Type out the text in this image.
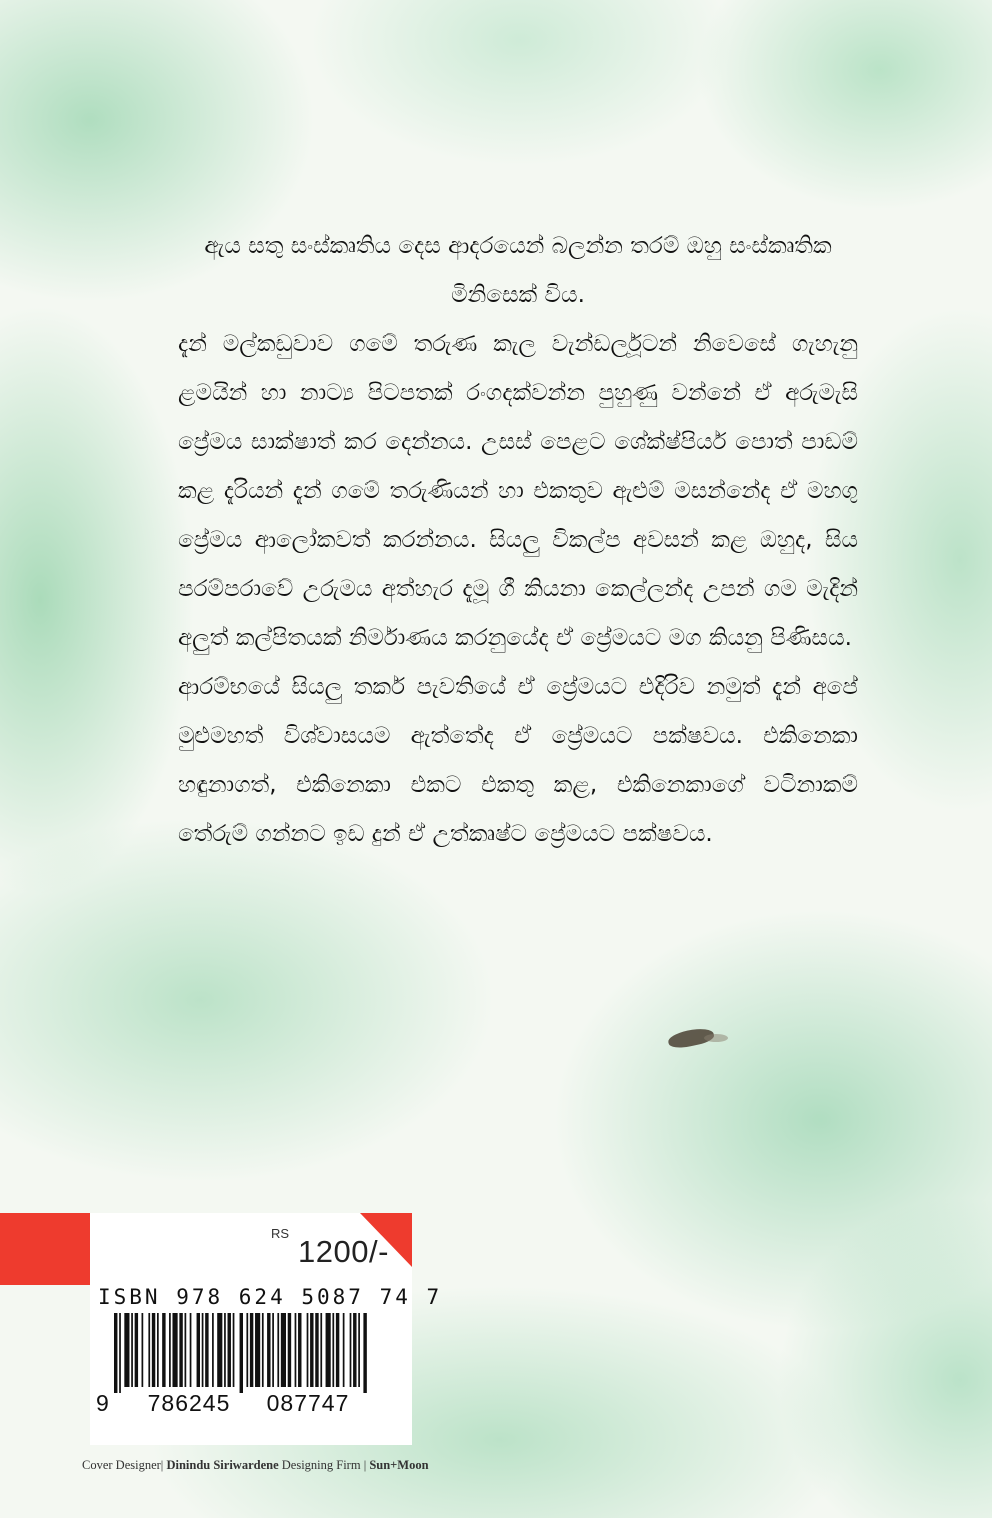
ඇය සතු සංස්කෘතිය දෙස ආදරයෙන් බලන්න තරම් ඔහු සංස්කෘතික මිනිසෙක් විය.

දැන් මල්කඩුවාව ගමේ තරුණ කැල වැන්ඩර්ලූටන් නිවෙසේ ගැහැනු ළමයින් හා නාට්‍ය පිටපතක් රංගදක්වන්න පුහුණු වන්නේ ඒ අරුමැසි ප්‍රේමය සාක්ෂාත් කර දෙන්නය. උසස් පෙළට ශේක්ෂ්පියර් පොත් පාඩම් කළ දැරියන් දැන් ගමේ තරුණියන් හා එකතුව ඇළුම් මසන්නේද ඒ මහගු ප්‍රේමය ආලෝකවත් කරන්නය. සියලු විකල්ප අවසන් කළ ඔහුද, සිය පරම්පරාවේ උරුමය අත්හැර දැමූ ගී කියනා කෙල්ලන්ද උපන් ගම මැදින් අලුත් කල්පිතයක් නිර්මාණය කරනුයේද ඒ ප්‍රේමයට මග කියනු පිණිසය.

ආරම්භයේ සියලු තර්ක පැවතියේ ඒ ප්‍රේමයට එදිරිව නමුත් දැන් අපේ මුළුමහත් විශ්වාසයම ඇත්තේද ඒ ප්‍රේමයට පක්ෂවය. එකිනෙකා හඳුනාගත්, එකිනෙකා එකට එකතු කළ, එකිනෙකාගේ වටිනාකම් තේරුම් ගන්නට ඉඩ දුන් ඒ උත්කෘෂ්ට ප්‍රේමයට පක්ෂවය.

RS
1200/-
ISBN 978 624 5087 74 7
9	786245	087747
Cover Designer| Dinindu Siriwardene Designing Firm | Sun+Moon
